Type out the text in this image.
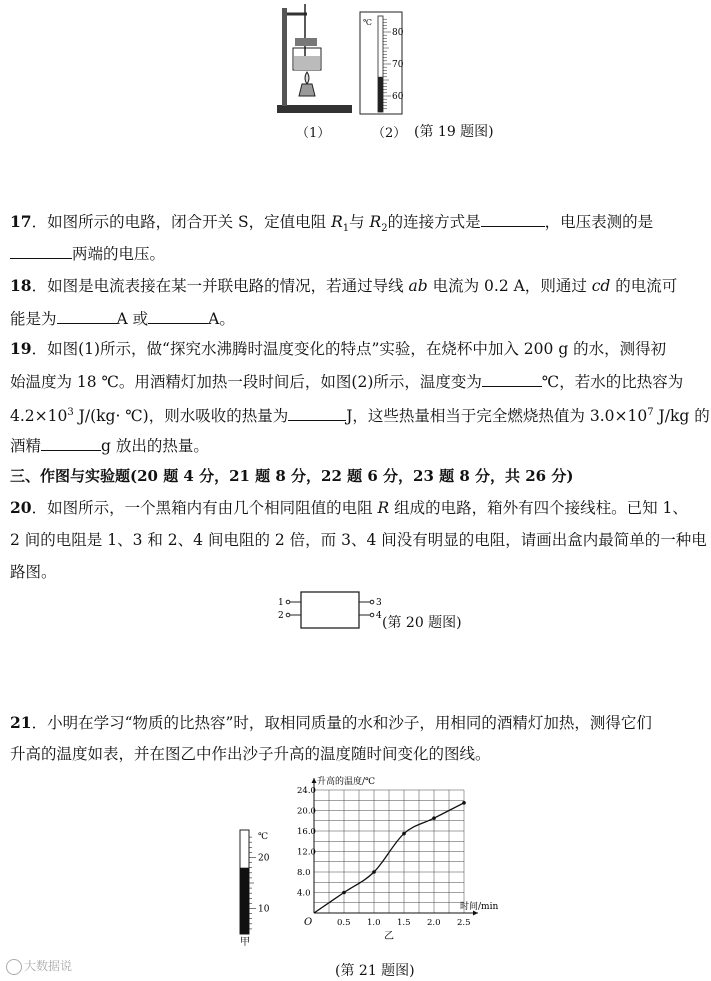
（1）
℃
80
70
60
（2） (第 19 题图)
17．如图所示的电路，闭合开关 S，定值电阻 $R_1$与 $R_2$的连接方式是	，电压表测的是
两端的电压。
18．如图是电流表接在某一并联电路的情况，若通过导线 ab 电流为 0.2 A，则通过 cd 的电流可
能是为	A 或	A。
19．如图(1)所示，做“探究水沸腾时温度变化的特点”实验，在烧杯中加入 200 g 的水，测得初
始温度为 18 ℃。用酒精灯加热一段时间后，如图(2)所示，温度变为	℃，若水的比热容为
$4.2\times 10^3$ J/(kg· ℃)，则水吸收的热量为	J，这些热量相当于完全燃烧热值为 $3.0\times 10^7$ J/kg 的
酒精	g 放出的热量。
三、作图与实验题(20 题 4 分，21 题 8 分，22 题 6 分，23 题 8 分，共 26 分)
20．如图所示，一个黑箱内有由几个相同阻值的电阻 R 组成的电路，箱外有四个接线柱。已知 1、
2 间的电阻是 1、3 和 2、4 间电阻的 2 倍，而 3、4 间没有明显的电阻，请画出盒内最简单的一种电
路图。
1
2
3
4 (第 20 题图)
21．小明在学习“物质的比热容”时，取相同质量的水和沙子，用相同的酒精灯加热，测得它们
升高的温度如表，并在图乙中作出沙子升高的温度随时间变化的图线。
℃
20
10
甲
0.5 1.0 1.5 2.0 2.5
4.0
8.0
12.0
16.0
20.0
24.0
升高的温度/℃
时间/min
O
乙
(第 21 题图)
大数据说
